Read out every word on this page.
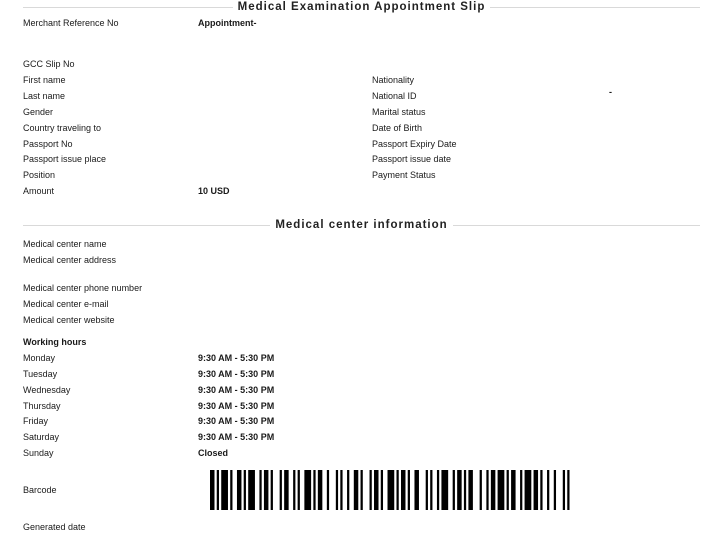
Medical Examination Appointment Slip
Merchant Reference No	Appointment-
GCC Slip No
First name
Last name
Gender
Country traveling to
Passport No
Passport issue place
Position
Amount	10 USD
Nationality
National ID	-
Marital status
Date of Birth
Passport Expiry Date
Passport issue date
Payment Status
Medical center information
Medical center name
Medical center address
Medical center phone number
Medical center e-mail
Medical center website
Working hours
Monday	9:30 AM - 5:30 PM
Tuesday	9:30 AM - 5:30 PM
Wednesday	9:30 AM - 5:30 PM
Thursday	9:30 AM - 5:30 PM
Friday	9:30 AM - 5:30 PM
Saturday	9:30 AM - 5:30 PM
Sunday	Closed
Barcode
Generated date
